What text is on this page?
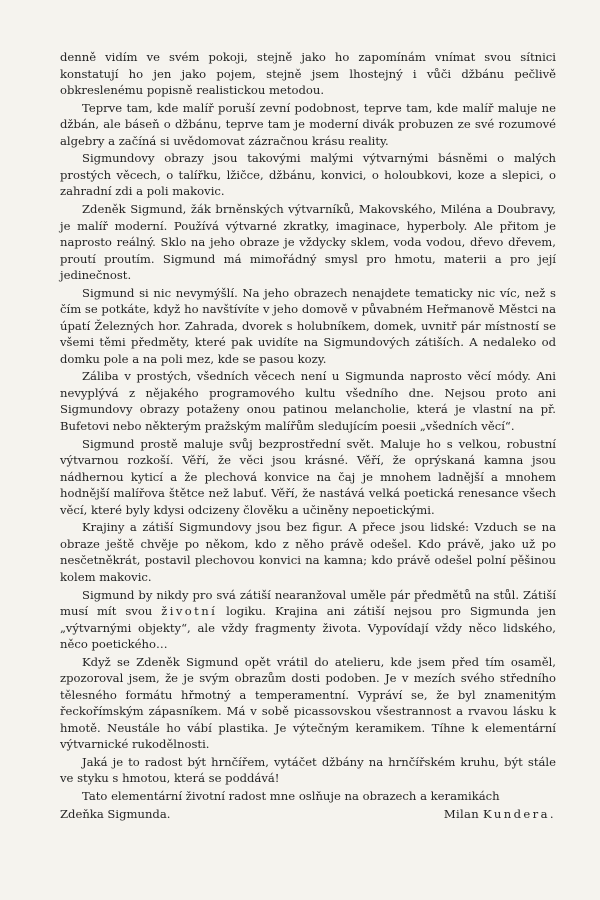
denně vidím ve svém pokoji, stejně jako ho zapomínám vnímat svou sítnici konstatují ho jen jako pojem, stejně jsem lhostejný i vůči džbánu pečlivě obkreslenému popisně realistickou metodou.

Teprve tam, kde malíř poruší zevní podobnost, teprve tam, kde malíř maluje ne džbán, ale báseň o džbánu, teprve tam je moderní divák probuzen ze své rozumové algebry a začíná si uvědomovat zázračnou krásu reality.

Sigmundovy obrazy jsou takovými malými výtvarnými básněmi o malých prostých věcech, o talířku, lžičce, džbánu, konvici, o holoubkovi, koze a slepici, o zahradní zdi a poli makovic.

Zdeněk Sigmund, žák brněnských výtvarníků, Makovského, Miléna a Doubravy, je malíř moderní. Používá výtvarné zkratky, imaginace, hyperboly. Ale přitom je naprosto reálný. Sklo na jeho obraze je vždycky sklem, voda vodou, dřevo dřevem, proutí proutím. Sigmund má mimořádný smysl pro hmotu, materii a pro její jedinečnost.

Sigmund si nic nevymýšlí. Na jeho obrazech nenajdete tematicky nic víc, než s čím se potkáte, když ho navštívíte v jeho domově v půvabném Heřmanově Městci na úpatí Železných hor. Zahrada, dvorek s holubníkem, domek, uvnitř pár místností se všemi těmi předměty, které pak uvidíte na Sigmundových zátiších. A nedaleko od domku pole a na poli mez, kde se pasou kozy.

Záliba v prostých, všedních věcech není u Sigmunda naprosto věcí módy. Ani nevyplývá z nějakého programového kultu všedního dne. Nejsou proto ani Sigmundovy obrazy potaženy onou patinou melancholie, která je vlastní na př. Bufetovi nebo některým pražským malířům sledujícím poesii „všedních věcí“.

Sigmund prostě maluje svůj bezprostřední svět. Maluje ho s velkou, robustní výtvarnou rozkoší. Věří, že věci jsou krásné. Věří, že oprýskaná kamna jsou nádhernou kyticí a že plechová konvice na čaj je mnohem ladnější a mnohem hodnější malířova štětce než labuť. Věří, že nastává velká poetická renesance všech věcí, které byly kdysi odcizeny člověku a učiněny nepoetickými.

Krajiny a zátiší Sigmundovy jsou bez figur. A přece jsou lidské: Vzduch se na obraze ještě chvěje po někom, kdo z něho právě odešel. Kdo právě, jako už po nesčetněkrát, postavil plechovou konvici na kamna; kdo právě odešel polní pěšinou kolem makovic.

Sigmund by nikdy pro svá zátiší nearanžoval uměle pár předmětů na stůl. Zátiší musí mít svou životní logiku. Krajina ani zátiší nejsou pro Sigmunda jen „výtvarnými objekty“, ale vždy fragmenty života. Vypovídají vždy něco lidského, něco poetického…

Když se Zdeněk Sigmund opět vrátil do atelieru, kde jsem před tím osaměl, zpozoroval jsem, že je svým obrazům dosti podoben. Je v mezích svého středního tělesného formátu hřmotný a temperamentní. Vypráví se, že byl znamenitým řeckořímským zápasníkem. Má v sobě picassovskou všestrannost a rvavou lásku k hmotě. Neustále ho vábí plastika. Je výtečným keramikem. Tíhne k elementární výtvarnické rukodělnosti.

Jaká je to radost být hrnčířem, vytáčet džbány na hrnčířském kruhu, být stále ve styku s hmotou, která se poddává!

Tato elementární životní radost mne oslňuje na obrazech a keramikách

Zdeňka Sigmunda.	Milan Kundera.
